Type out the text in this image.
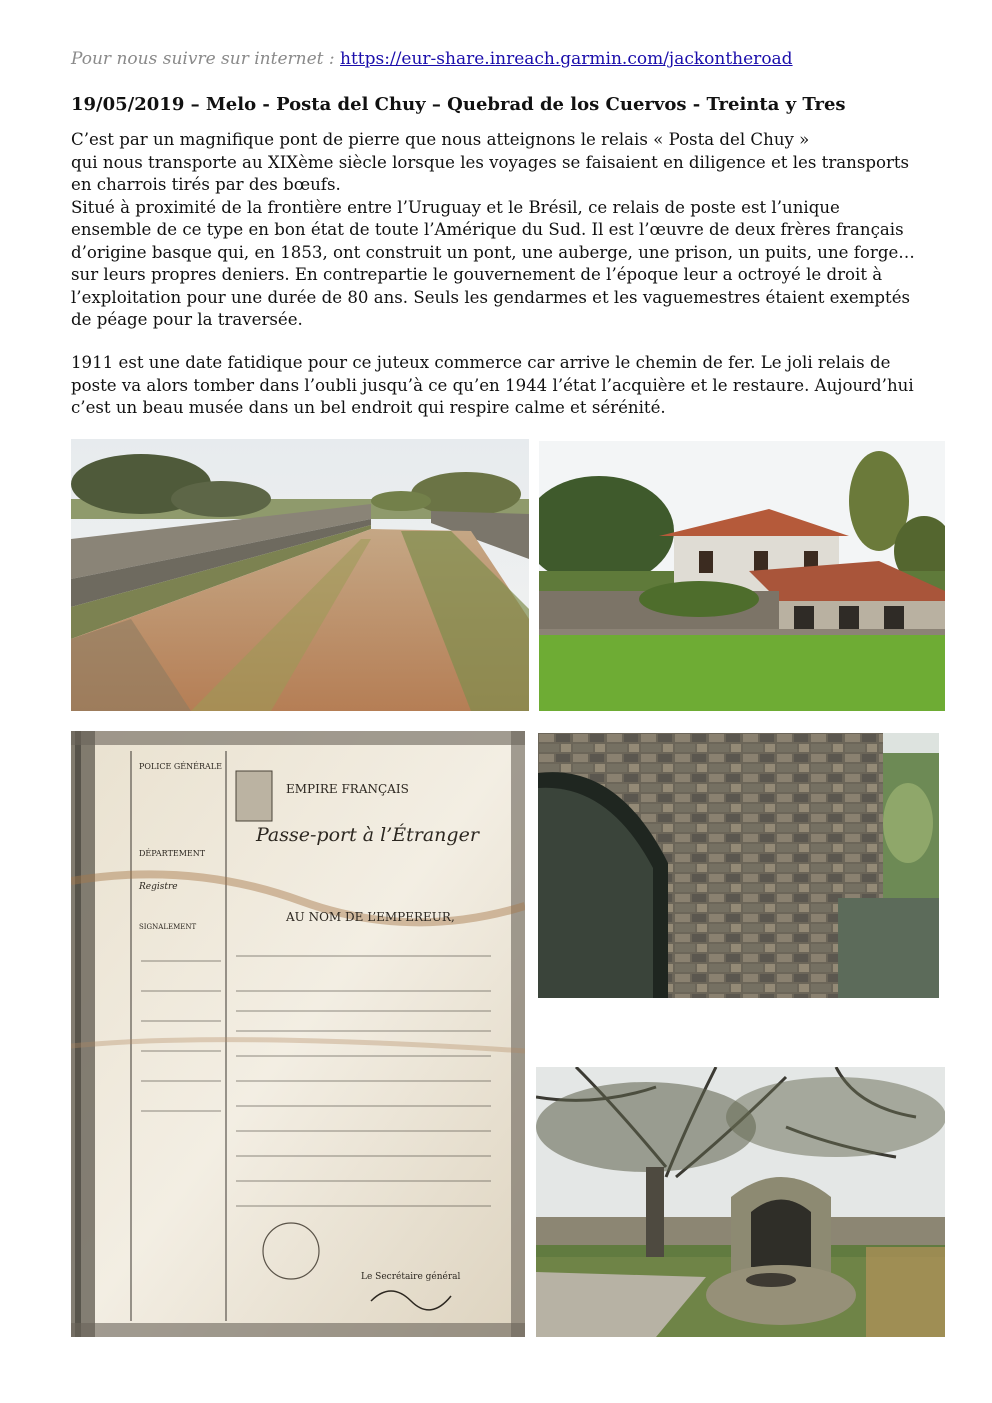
Pour nous suivre sur internet : https://eur-share.inreach.garmin.com/jackontheroad
19/05/2019 – Melo - Posta del Chuy – Quebrad de los Cuervos - Treinta y Tres
C’est par un magnifique pont de pierre que nous atteignons le relais « Posta del Chuy »
qui nous transporte au XIXème siècle lorsque les voyages se faisaient en diligence et les transports
en charrois tirés par des bœufs.
Situé à proximité de la frontière entre l’Uruguay et le Brésil, ce relais de poste est l’unique
ensemble de ce type en bon état de toute l’Amérique du Sud. Il est l’œuvre de deux frères français
d’origine basque qui, en 1853, ont construit un pont, une auberge, une prison, un puits, une forge…
sur leurs propres deniers. En contrepartie le gouvernement de l’époque leur a octroyé le droit à
l’exploitation pour une durée de 80 ans. Seuls les gendarmes et les vaguemestres étaient exemptés
de péage pour la traversée.
1911 est une date fatidique pour ce juteux commerce car arrive le chemin de fer. Le joli relais de
poste va alors tomber dans l’oubli jusqu’à ce qu’en 1944 l’état l’acquière et le restaure. Aujourd’hui
c’est un beau musée dans un bel endroit qui respire calme et sérénité.
POLICE GÉNÉRALE
EMPIRE FRANÇAIS
Passe-port à l’Étranger
DÉPARTEMENT
Registre
SIGNALEMENT
AU NOM DE L’EMPEREUR,
Le Secrétaire général
